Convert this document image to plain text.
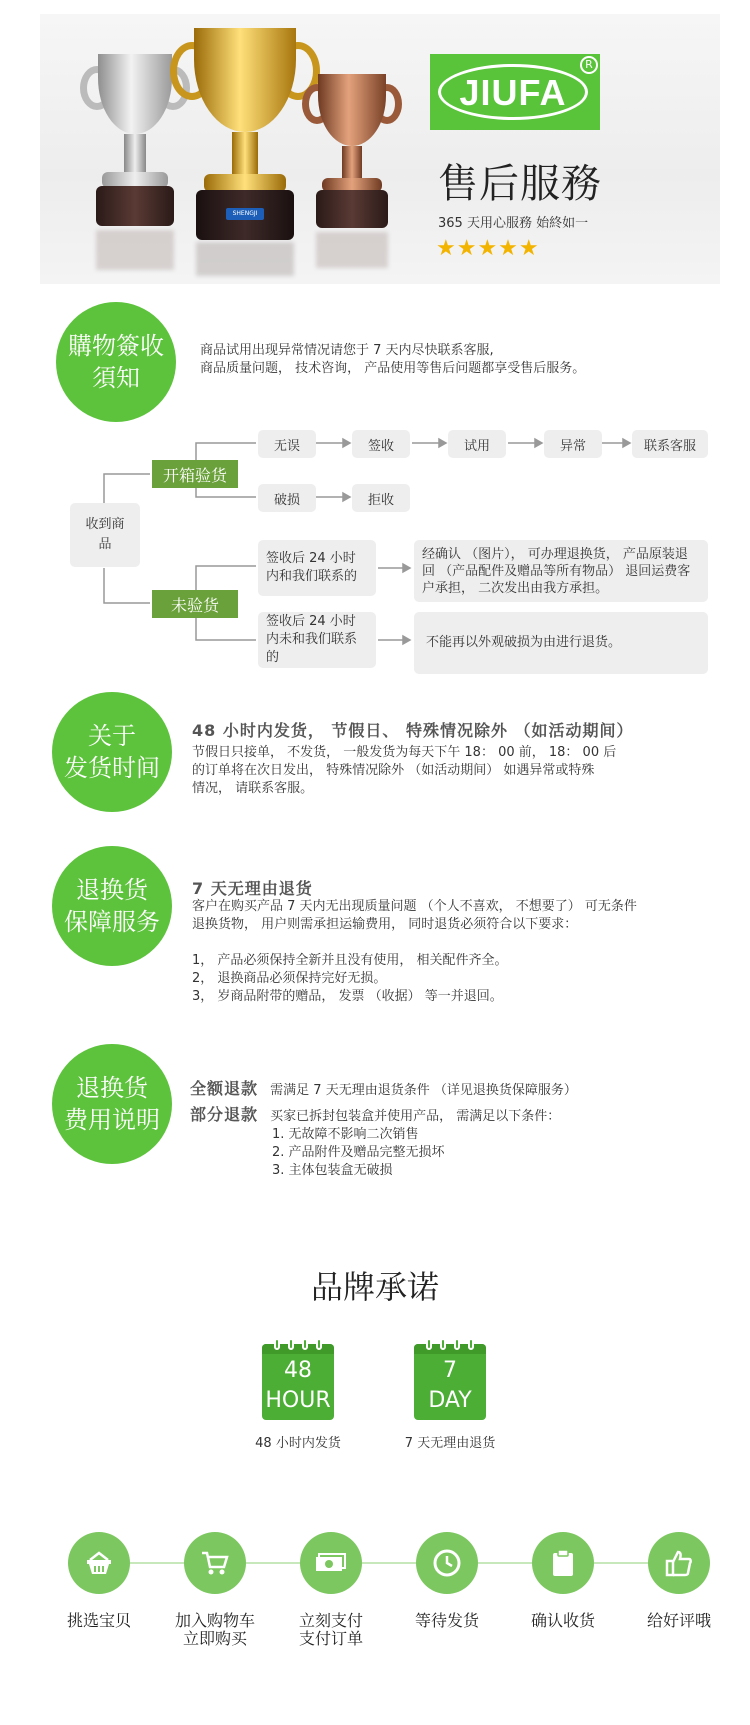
SHENGJI
JIUFA
R
售后服務
365 天用心服務 始終如一
★★★★★
購物簽收
須知
商品试用出现异常情况请您于 7 天内尽快联系客服,
商品质量问题， 技术咨询， 产品使用等售后问题都享受售后服务。
收到商品
开箱验货
未验货
无误	签收	试用	异常	联系客服
破损	拒收
签收后 24 小时内和我们联系的
经确认 （图片）， 可办理退换货， 产品原装退回 （产品配件及赠品等所有物品） 退回运费客户承担， 二次发出由我方承担。
签收后 24 小时内未和我们联系的
不能再以外观破损为由进行退货。
关于
发货时间
48 小时内发货， 节假日、 特殊情况除外 （如活动期间）
节假日只接单， 不发货， 一般发货为每天下午 18： 00 前， 18： 00 后
的订单将在次日发出， 特殊情况除外 （如活动期间） 如遇异常或特殊
情况， 请联系客服。
退换货
保障服务
7 天无理由退货
客户在购买产品 7 天内无出现质量问题 （个人不喜欢， 不想要了） 可无条件
退换货物， 用户则需承担运输费用， 同时退货必须符合以下要求：
1， 产品必须保持全新并且没有使用， 相关配件齐全。
2， 退换商品必须保持完好无损。
3， 岁商品附带的赠品， 发票 （收据） 等一并退回。
退换货
费用说明
全额退款 需满足 7 天无理由退货条件 （详见退换货保障服务）
部分退款 买家已拆封包装盒并使用产品， 需满足以下条件：
1. 无故障不影响二次销售
2. 产品附件及赠品完整无损坏
3. 主体包装盒无破损
品牌承诺
48
HOUR
48 小时内发货
7
DAY
7 天无理由退货
挑选宝贝	加入购物车
立即购买
立刻支付
支付订单
等待发货	确认收货	给好评哦
